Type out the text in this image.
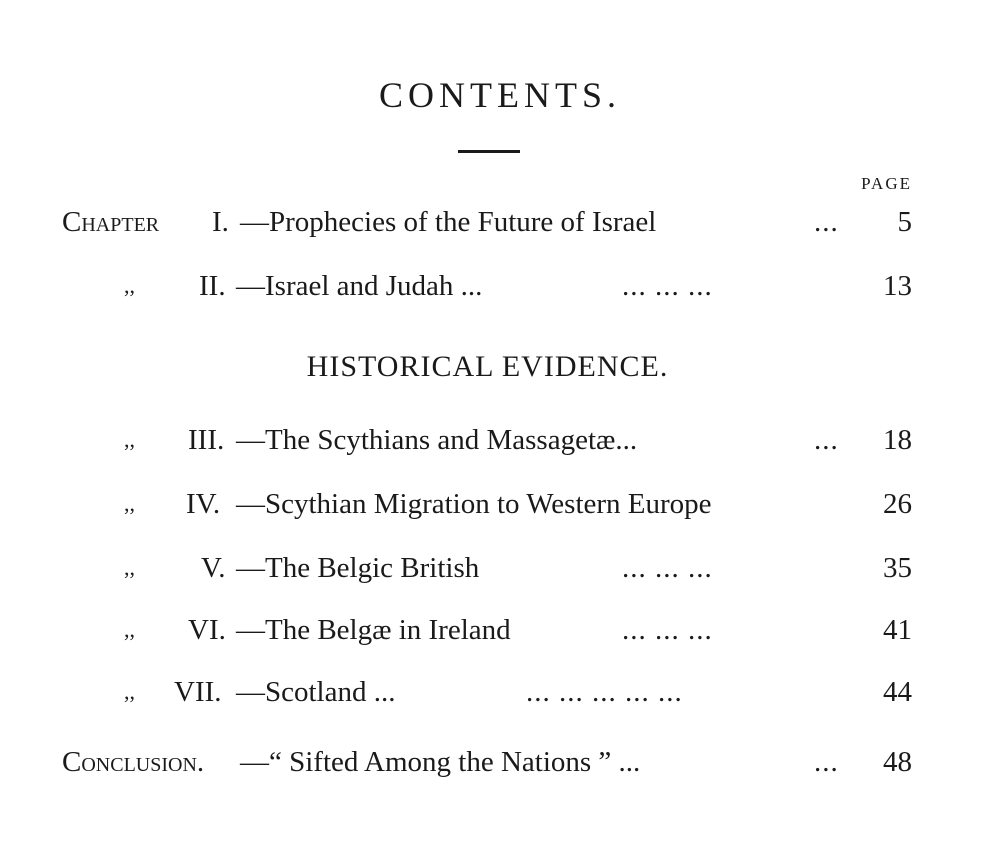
CONTENTS.
PAGE
Chapter I. —Prophecies of the Future of Israel	... 5
,, II. —Israel and Judah ...	... ... ...	13
HISTORICAL EVIDENCE.
,, III. —The Scythians and Massagetæ...	... 18
,, IV. —Scythian Migration to Western Europe	26
,, V. —The Belgic British	... ... ...	35
,, VI. —The Belgæ in Ireland	... ... ...	41
,, VII. —Scotland ...	... ... ... ... ...	44
Conclusion. —“ Sifted Among the Nations ” ...	... 48
